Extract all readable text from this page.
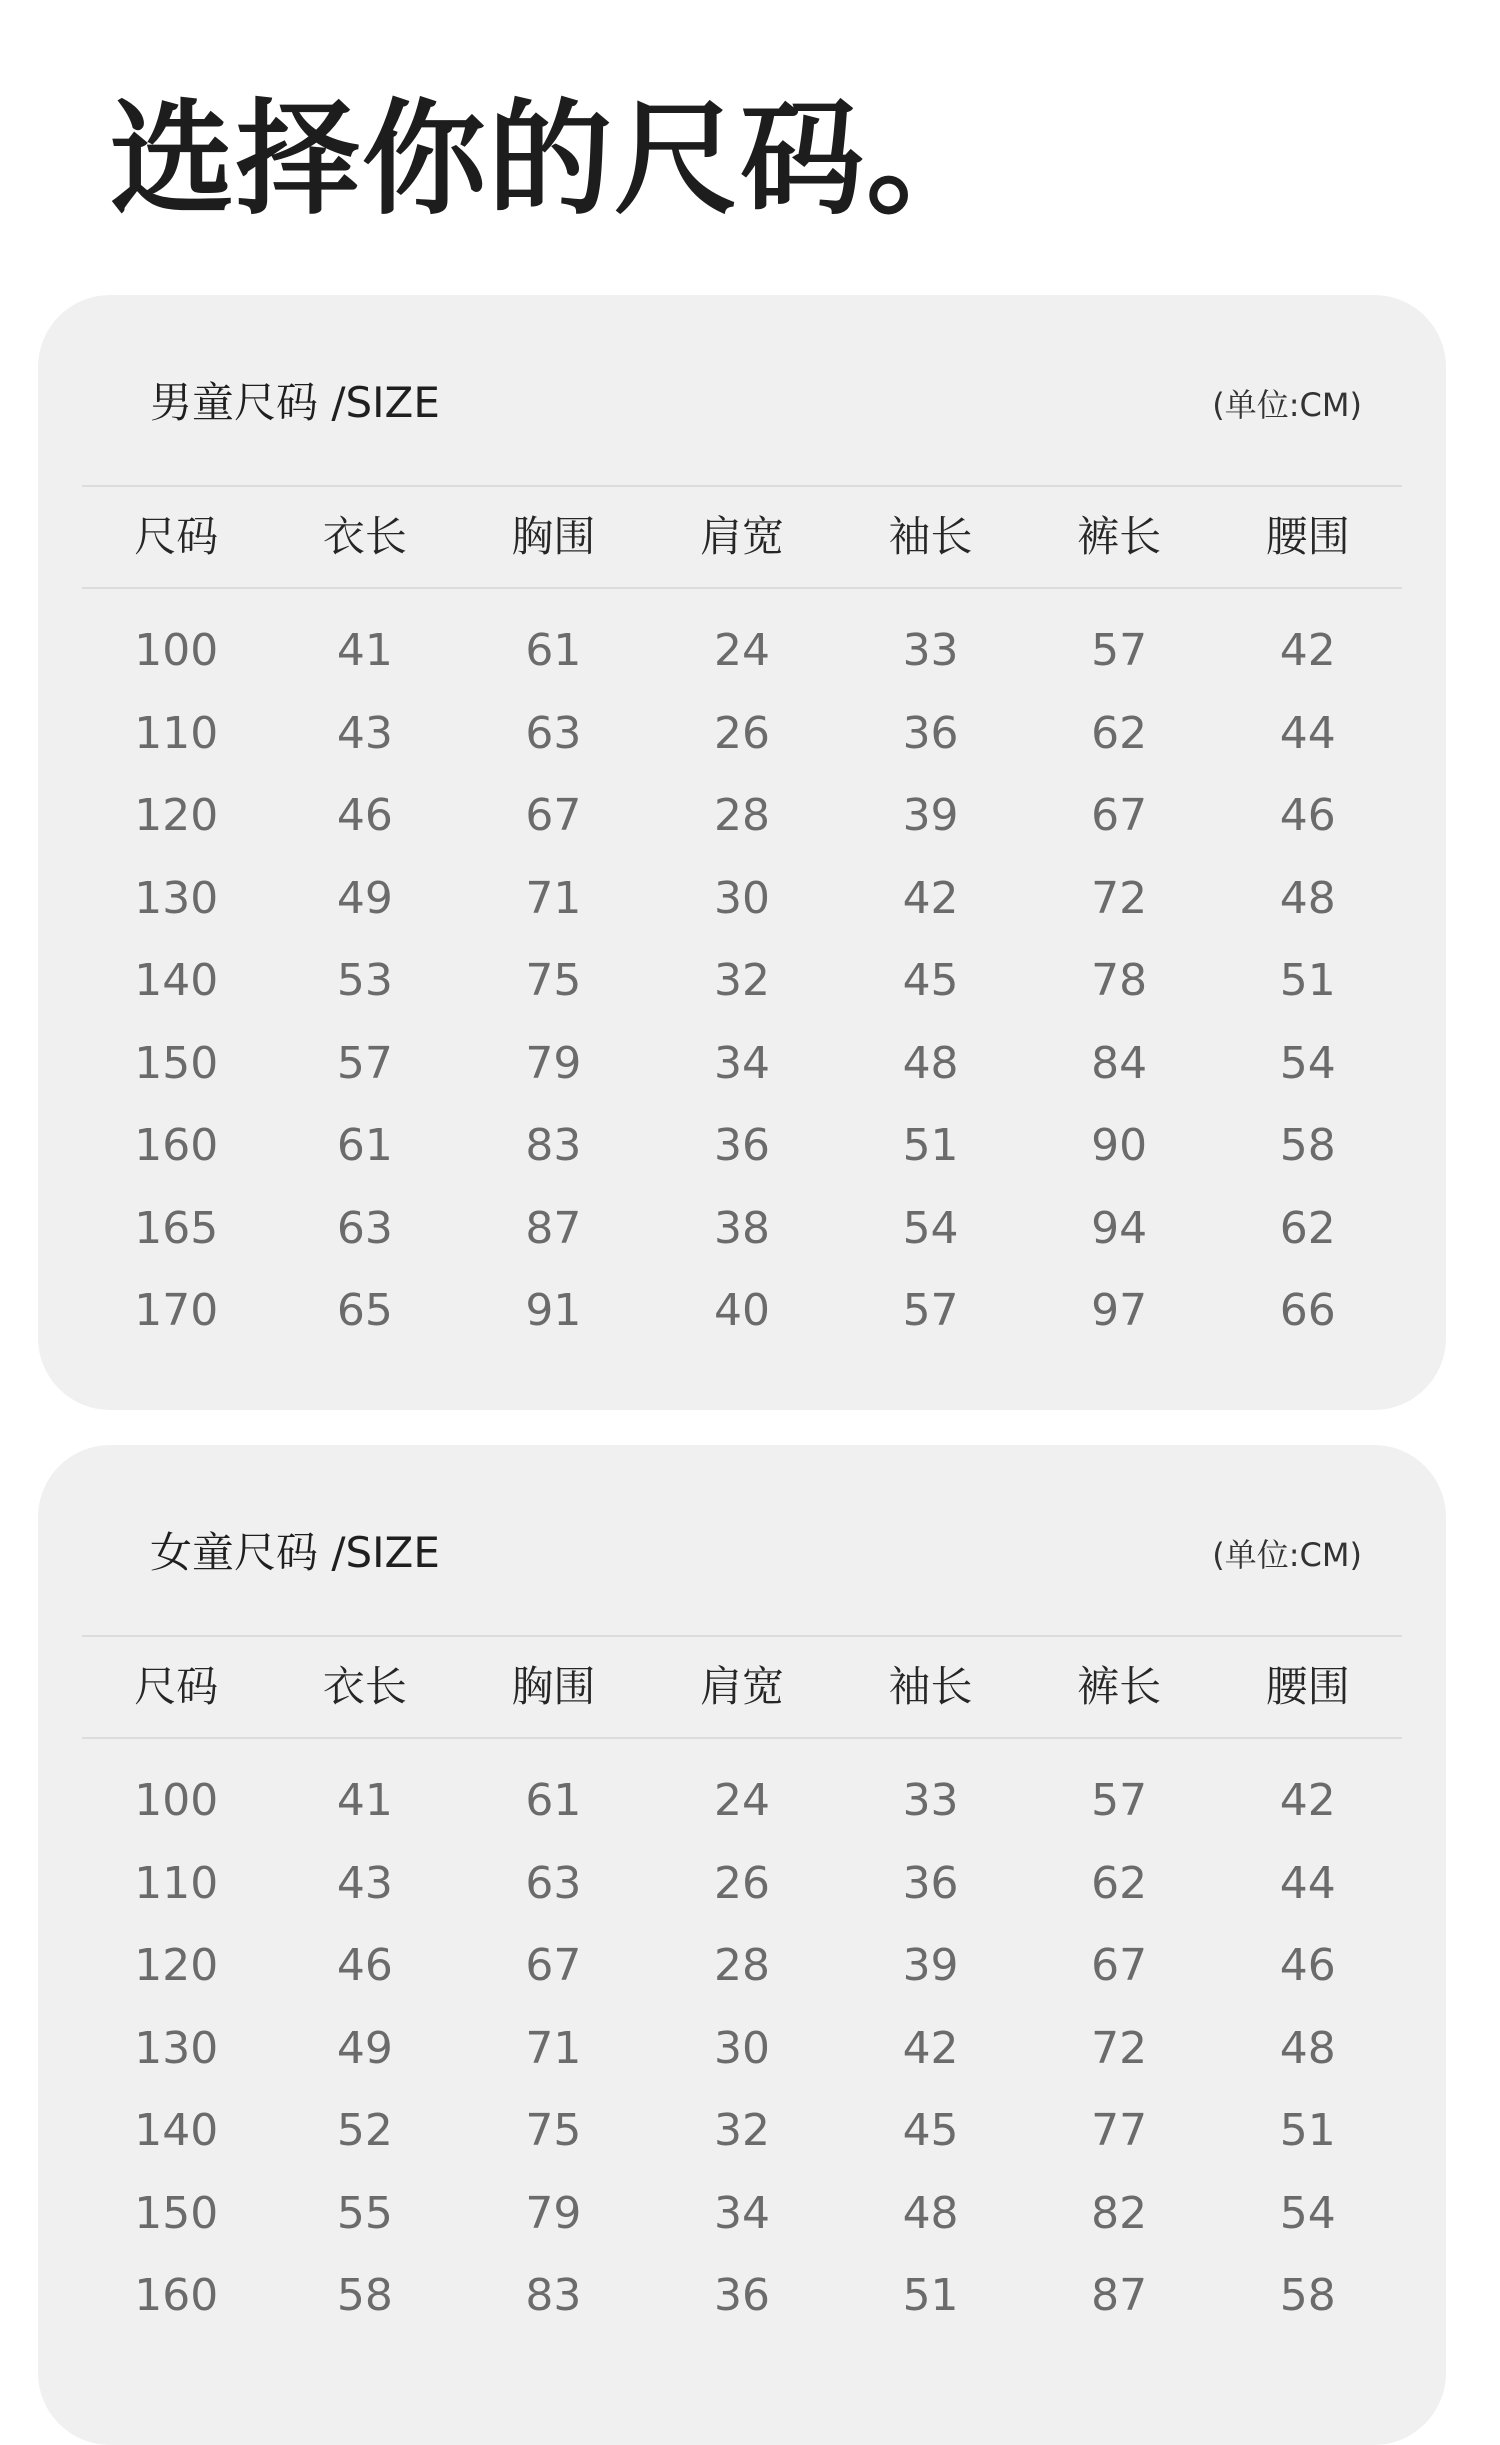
选择你的尺码。
男童尺码 /SIZE	(单位:CM)
尺码	衣长	胸围	肩宽	袖长	裤长	腰围
100	41	61	24	33	57	42
110	43	63	26	36	62	44
120	46	67	28	39	67	46
130	49	71	30	42	72	48
140	53	75	32	45	78	51
150	57	79	34	48	84	54
160	61	83	36	51	90	58
165	63	87	38	54	94	62
170	65	91	40	57	97	66
女童尺码 /SIZE	(单位:CM)
尺码	衣长	胸围	肩宽	袖长	裤长	腰围
100	41	61	24	33	57	42
110	43	63	26	36	62	44
120	46	67	28	39	67	46
130	49	71	30	42	72	48
140	52	75	32	45	77	51
150	55	79	34	48	82	54
160	58	83	36	51	87	58
